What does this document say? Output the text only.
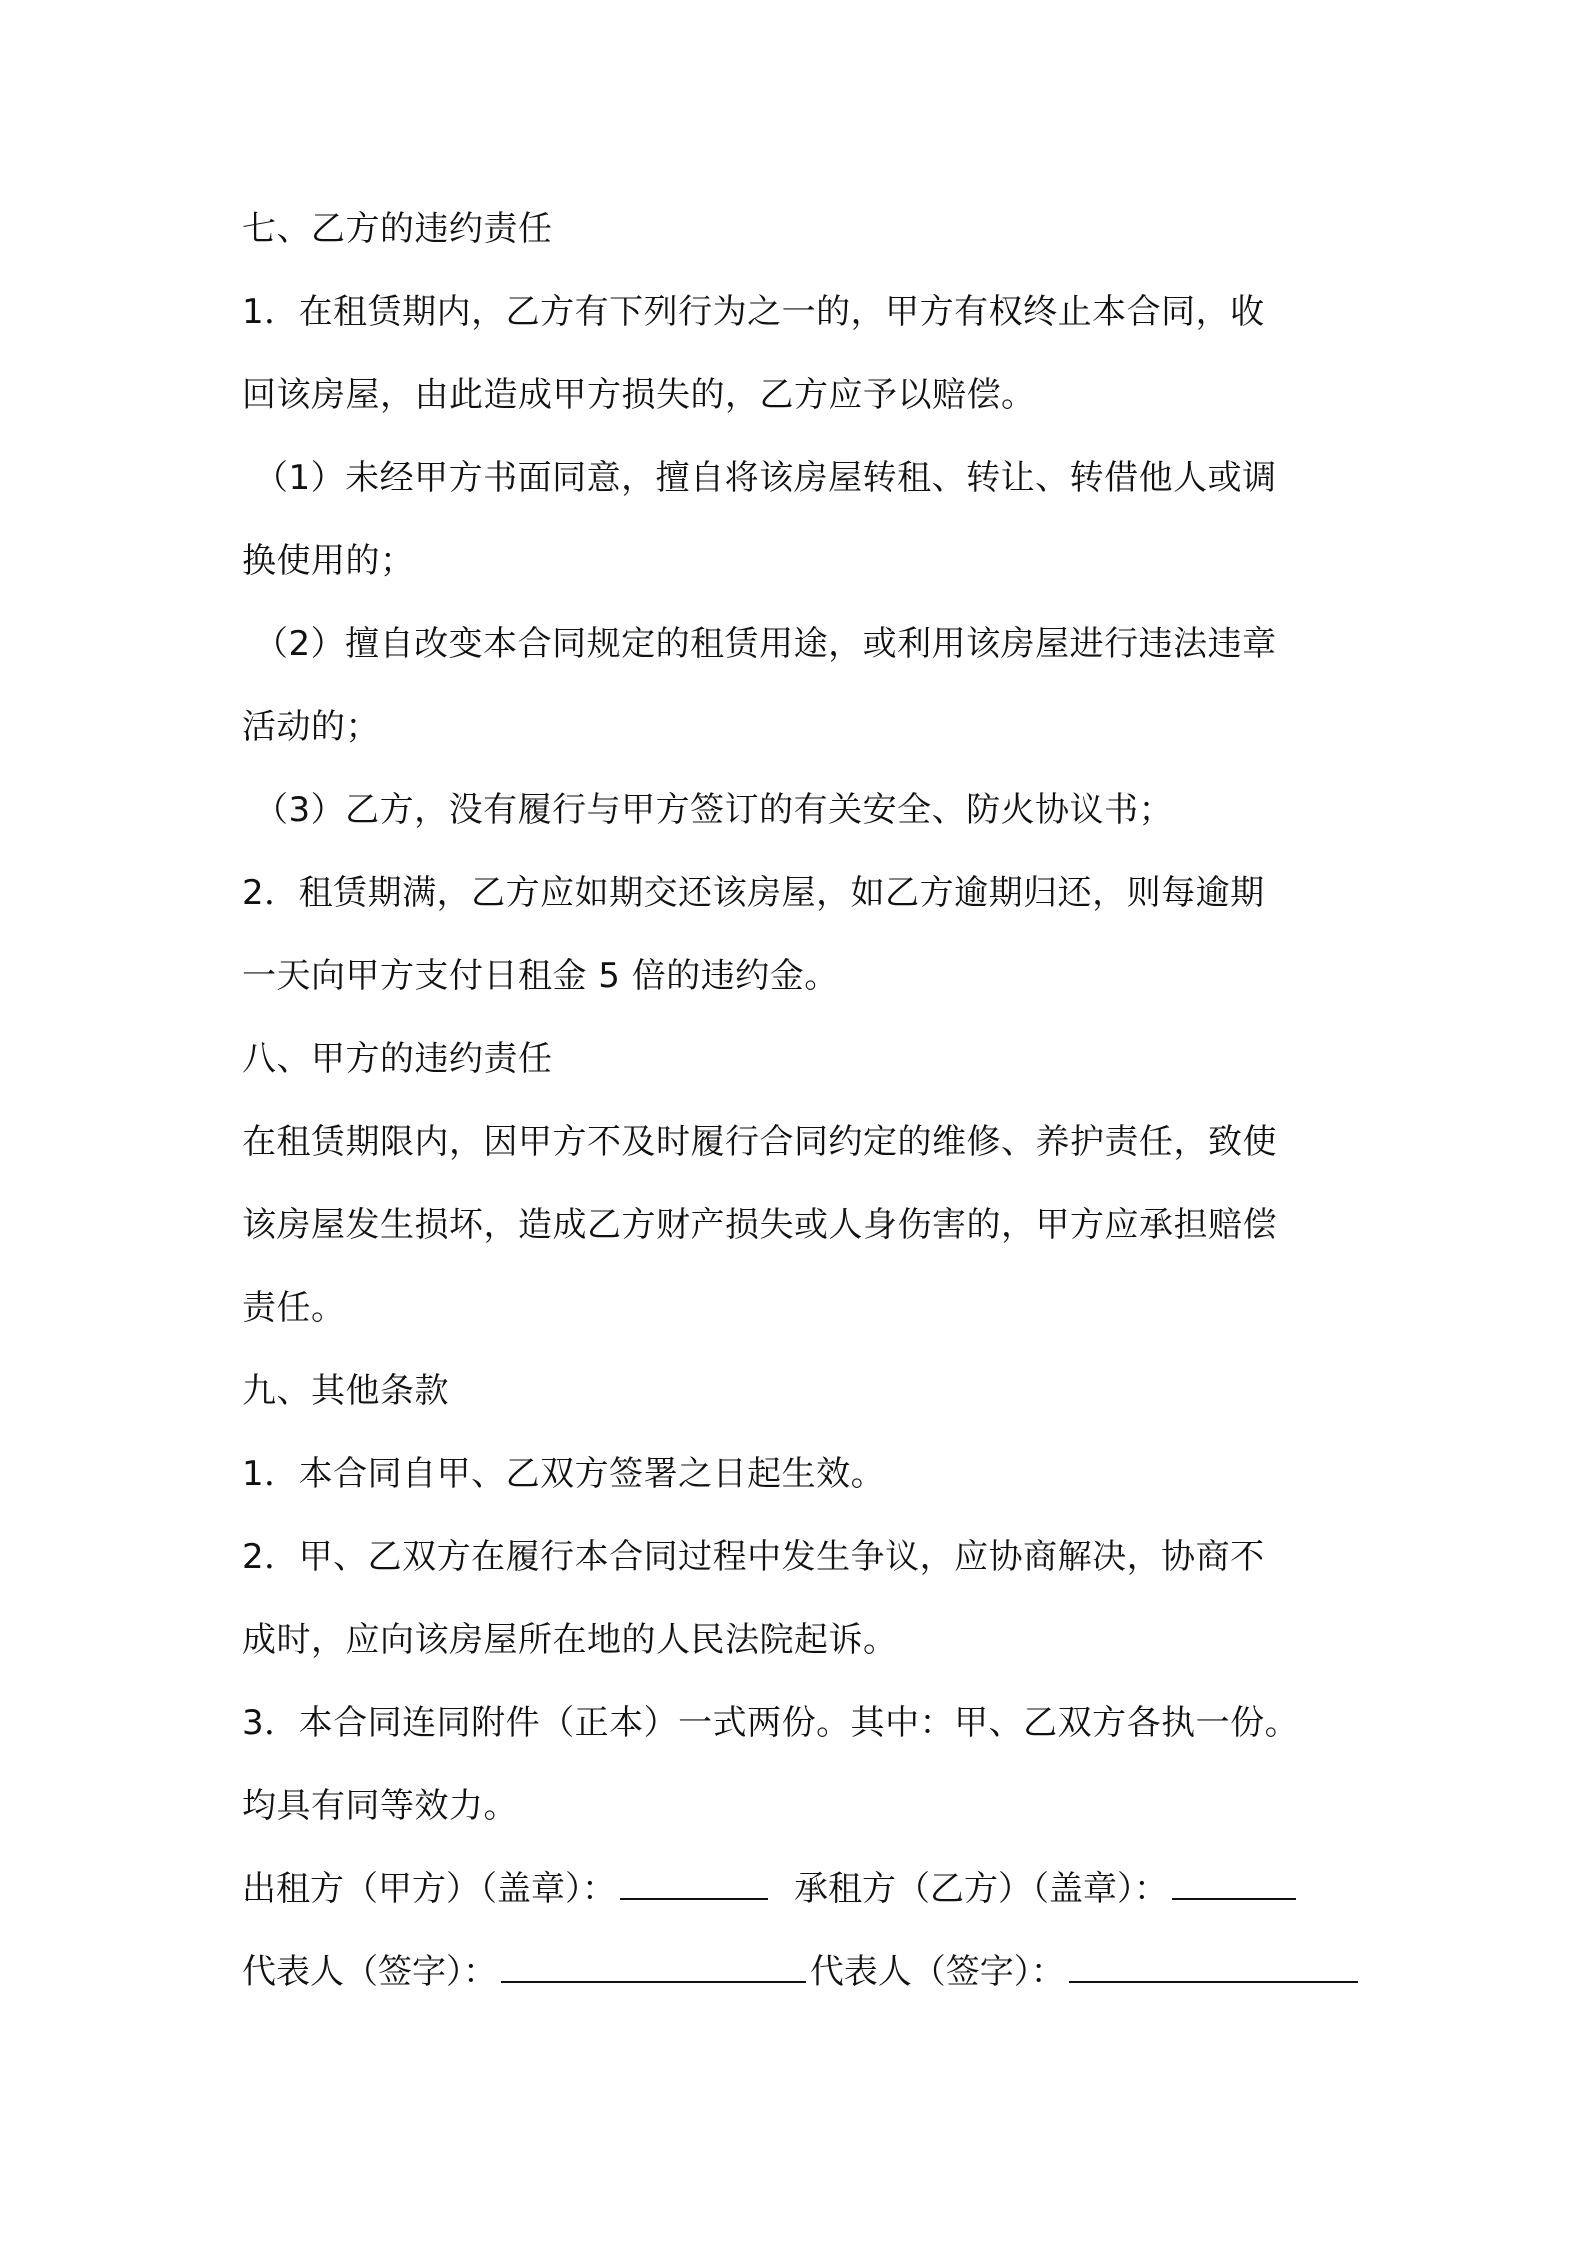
七、乙方的违约责任
1．在租赁期内，乙方有下列行为之一的，甲方有权终止本合同，收
回该房屋，由此造成甲方损失的，乙方应予以赔偿。
（1）未经甲方书面同意，擅自将该房屋转租、转让、转借他人或调
换使用的；
（2）擅自改变本合同规定的租赁用途，或利用该房屋进行违法违章
活动的；
（3）乙方，没有履行与甲方签订的有关安全、防火协议书；
2．租赁期满，乙方应如期交还该房屋，如乙方逾期归还，则每逾期
一天向甲方支付日租金 5 倍的违约金。
八、甲方的违约责任
在租赁期限内，因甲方不及时履行合同约定的维修、养护责任，致使
该房屋发生损坏，造成乙方财产损失或人身伤害的，甲方应承担赔偿
责任。
九、其他条款
1．本合同自甲、乙双方签署之日起生效。
2．甲、乙双方在履行本合同过程中发生争议，应协商解决，协商不
成时，应向该房屋所在地的人民法院起诉。
3．本合同连同附件（正本）一式两份。其中：甲、乙双方各执一份。
均具有同等效力。
出租方（甲方）（盖章）：	承租方（乙方）（盖章）：
代表人（签字）：	代表人（签字）：
